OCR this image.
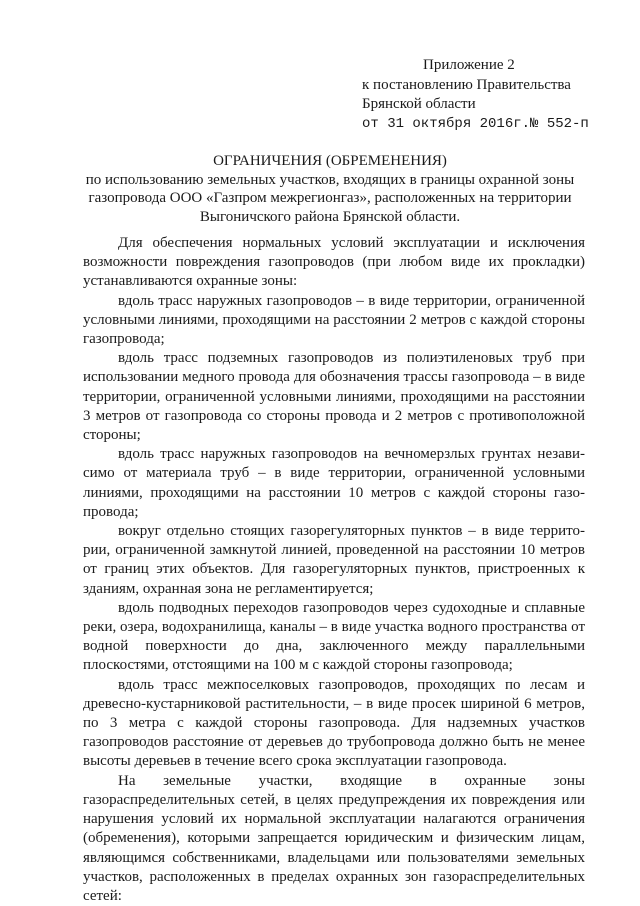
Приложение 2
к постановлению Правительства
Брянской области
от 31 октября 2016г.№ 552-п
ОГРАНИЧЕНИЯ (ОБРЕМЕНЕНИЯ)
по использованию земельных участков, входящих в границы охранной зоны
газопровода ООО «Газпром межрегионгаз», расположенных на территории
Выгоничского района Брянской области.

Для обеспечения нормальных условий эксплуатации и исключения возможности повреждения газопроводов (при любом виде их прокладки) устанавливаются охранные зоны:

вдоль трасс наружных газопроводов – в виде территории, ограниченной условными линиями, проходящими на расстоянии 2 метров с каждой стороны газопровода;

вдоль трасс подземных газопроводов из полиэтиленовых труб при использовании медного провода для обозначения трассы газопровода – в виде территории, ограниченной условными линиями, проходящими на расстоянии 3 метров от газопровода со стороны провода и 2 метров с противоположной стороны;

вдоль трасс наружных газопроводов на вечномерзлых грунтах независимо от материала труб – в виде территории, ограниченной условными линиями, проходящими на расстоянии 10 метров с каждой стороны газопровода;

вокруг отдельно стоящих газорегуляторных пунктов – в виде территории, ограниченной замкнутой линией, проведенной на расстоянии 10 метров от границ этих объектов. Для газорегуляторных пунктов, пристроенных к зданиям, охранная зона не регламентируется;

вдоль подводных переходов газопроводов через судоходные и сплавные реки, озера, водохранилища, каналы – в виде участка водного пространства от водной поверхности до дна, заключенного между параллельными плоскостями, отстоящими на 100 м с каждой стороны газопровода;

вдоль трасс межпоселковых газопроводов, проходящих по лесам и древесно-кустарниковой растительности, – в виде просек шириной 6 метров, по 3 метра с каждой стороны газопровода. Для надземных участков газопроводов расстояние от деревьев до трубопровода должно быть не менее высоты деревьев в течение всего срока эксплуатации газопровода.

На земельные участки, входящие в охранные зоны газораспределительных сетей, в целях предупреждения их повреждения или нарушения условий их нормальной эксплуатации налагаются ограничения (обременения), которыми запрещается юридическим и физическим лицам, являющимся собственниками, владельцами или пользователями земельных участков, расположенных в пределах охранных зон газораспределительных сетей:
